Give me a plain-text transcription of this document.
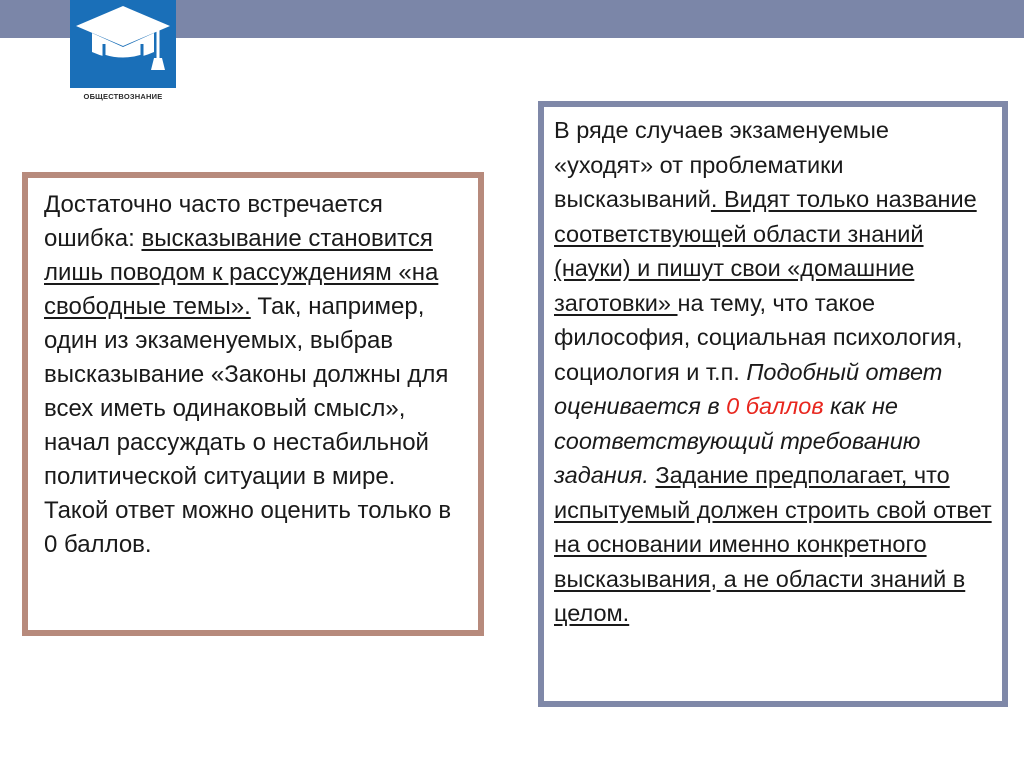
ОБЩЕСТВОЗНАНИЕ

Достаточно часто встречается ошибка: высказывание становится лишь поводом к рассуждениям «на свободные темы». Так, например, один из экзаменуемых, выбрав высказывание «Законы должны для всех иметь одинаковый смысл», начал рассуждать о нестабильной политической ситуации в мире. Такой ответ можно оценить только в 0 баллов.

В ряде случаев экзаменуемые «уходят» от проблематики высказываний. Видят только название соответствующей области знаний (науки) и пишут свои «домашние заготовки» на тему, что такое философия, социальная психология, социология и т.п. Подобный ответ оценивается в 0 баллов как не соответствующий требованию задания. Задание предполагает, что испытуемый должен строить свой ответ на основании именно конкретного высказывания, а не области знаний в целом.
